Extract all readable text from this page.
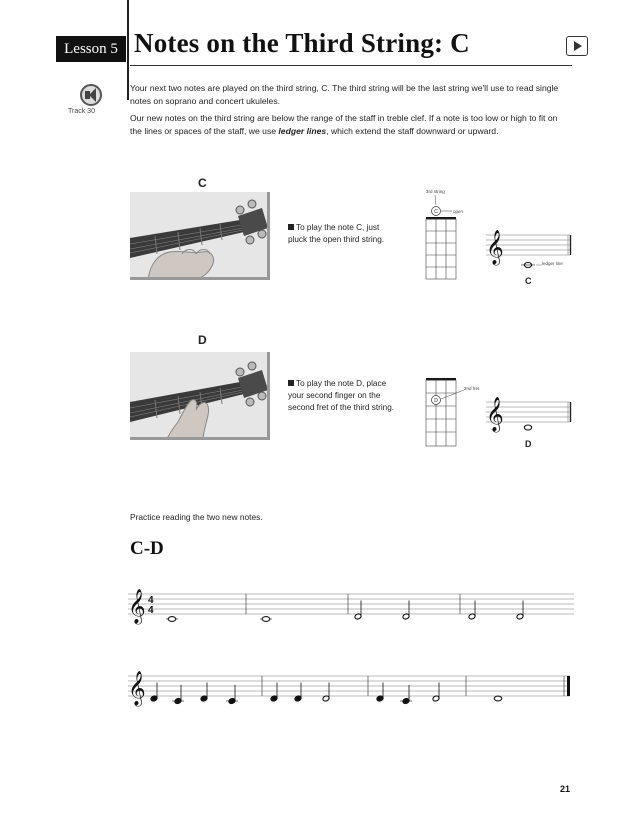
Lesson 5 Notes on the Third String: C
Track 30
Your next two notes are played on the third string, C. The third string will be the last string we'll use to read single notes on soprano and concert ukuleles.
Our new notes on the third string are below the range of the staff in treble clef. If a note is too low or high to fit on the lines or spaces of the staff, we use ledger lines, which extend the staff downward or upward.
C
To play the note C, just pluck the open third string.
3rd string
C	open
𝄞	ledger line
C
D
To play the note D, place your second finger on the second fret of the third string.
D
2nd fret
𝄞
D
Practice reading the two new notes.
C-D
𝄞 4
4
𝄞
21
